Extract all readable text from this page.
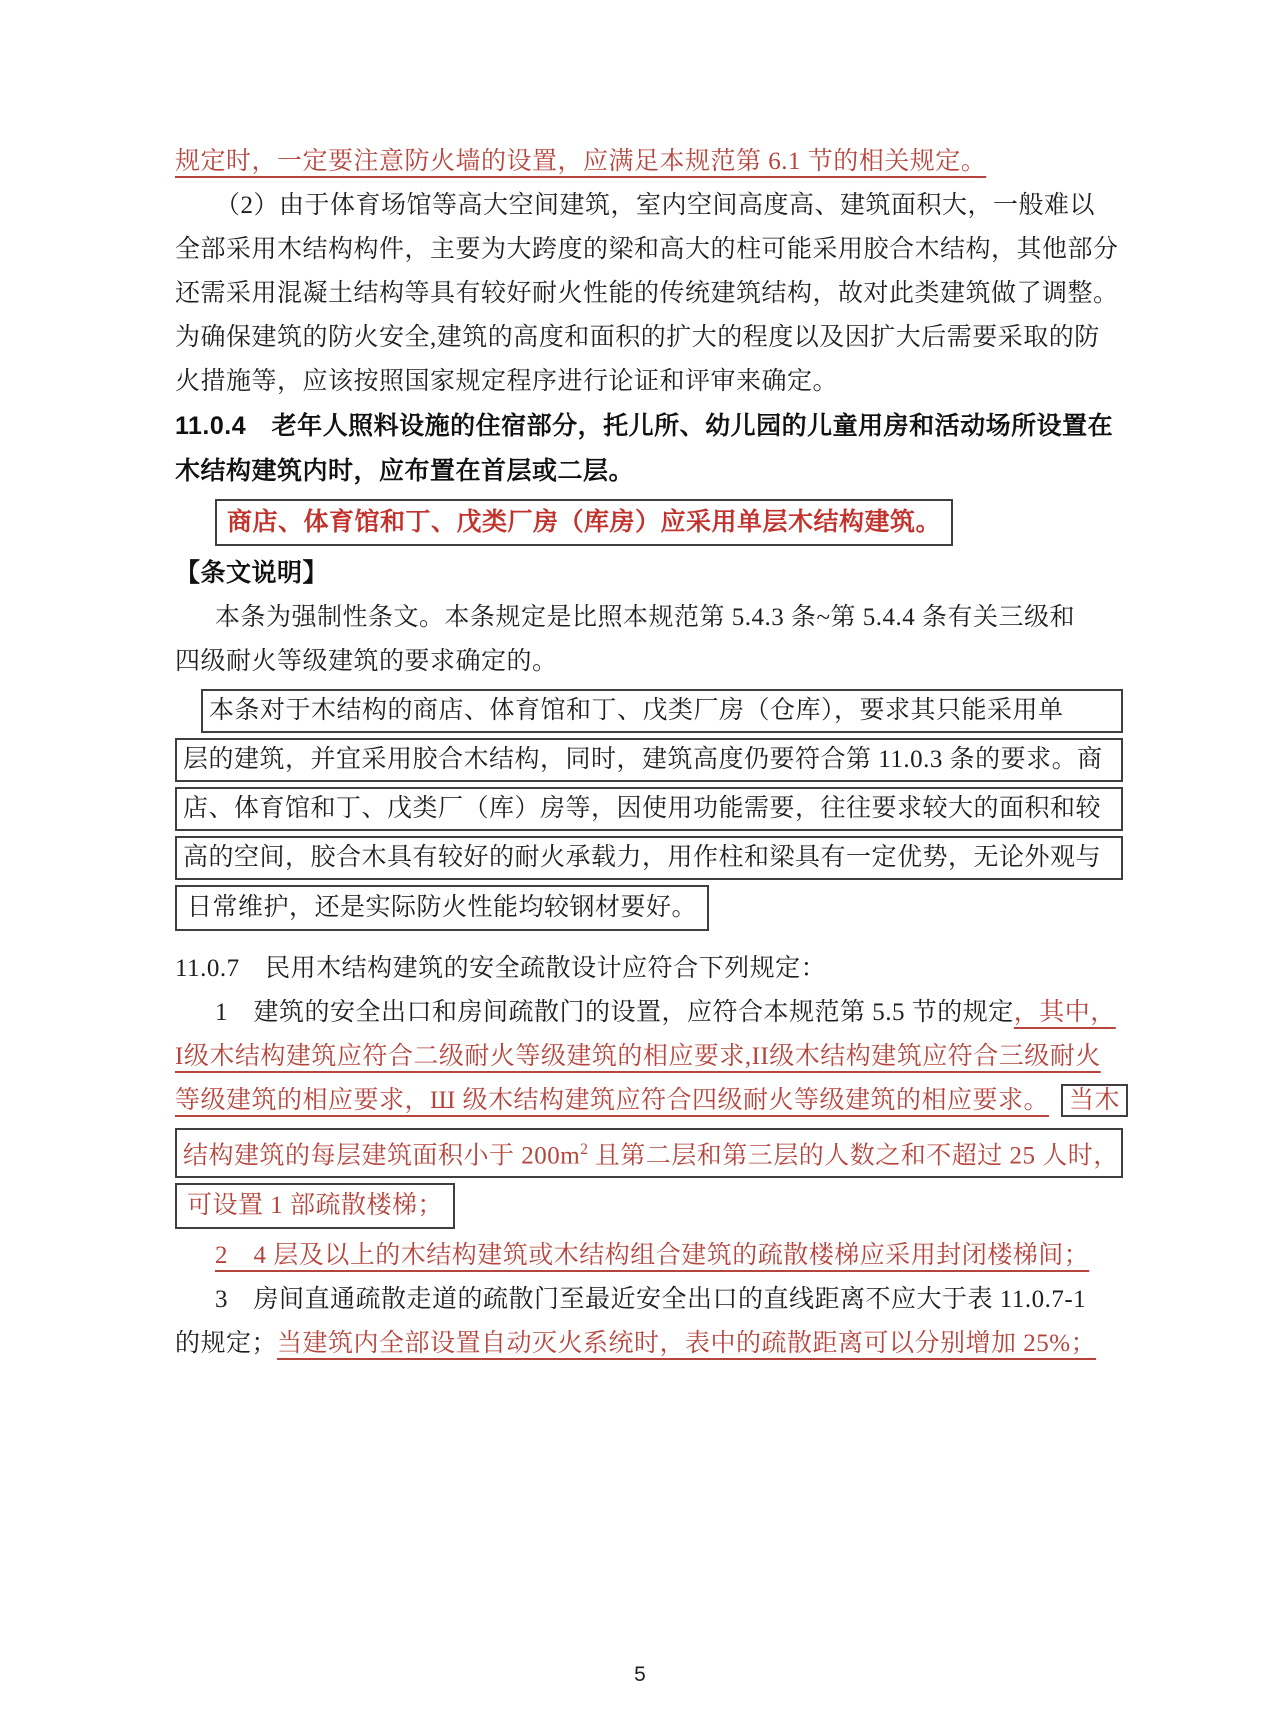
规定时，一定要注意防火墙的设置，应满足本规范第 6.1 节的相关规定。
（2）由于体育场馆等高大空间建筑，室内空间高度高、建筑面积大，一般难以
全部采用木结构构件，主要为大跨度的梁和高大的柱可能采用胶合木结构，其他部分
还需采用混凝土结构等具有较好耐火性能的传统建筑结构，故对此类建筑做了调整。
为确保建筑的防火安全,建筑的高度和面积的扩大的程度以及因扩大后需要采取的防
火措施等，应该按照国家规定程序进行论证和评审来确定。
11.0.4　老年人照料设施的住宿部分，托儿所、幼儿园的儿童用房和活动场所设置在
木结构建筑内时，应布置在首层或二层。
商店、体育馆和丁、戊类厂房（库房）应采用单层木结构建筑。
【条文说明】
本条为强制性条文。本条规定是比照本规范第 5.4.3 条~第 5.4.4 条有关三级和
四级耐火等级建筑的要求确定的。
本条对于木结构的商店、体育馆和丁、戊类厂房（仓库），要求其只能采用单
层的建筑，并宜采用胶合木结构，同时，建筑高度仍要符合第 11.0.3 条的要求。商
店、体育馆和丁、戊类厂（库）房等，因使用功能需要，往往要求较大的面积和较
高的空间，胶合木具有较好的耐火承载力，用作柱和梁具有一定优势，无论外观与
日常维护，还是实际防火性能均较钢材要好。
11.0.7　民用木结构建筑的安全疏散设计应符合下列规定：
1　建筑的安全出口和房间疏散门的设置，应符合本规范第 5.5 节的规定，其中，
I级木结构建筑应符合二级耐火等级建筑的相应要求,II级木结构建筑应符合三级耐火
等级建筑的相应要求，Ш 级木结构建筑应符合四级耐火等级建筑的相应要求。 当木
结构建筑的每层建筑面积小于 $200m^2$ 且第二层和第三层的人数之和不超过 25 人时，
可设置 1 部疏散楼梯；
2　4 层及以上的木结构建筑或木结构组合建筑的疏散楼梯应采用封闭楼梯间；
3　房间直通疏散走道的疏散门至最近安全出口的直线距离不应大于表 11.0.7-1
的规定；当建筑内全部设置自动灭火系统时，表中的疏散距离可以分别增加 25%；
5
